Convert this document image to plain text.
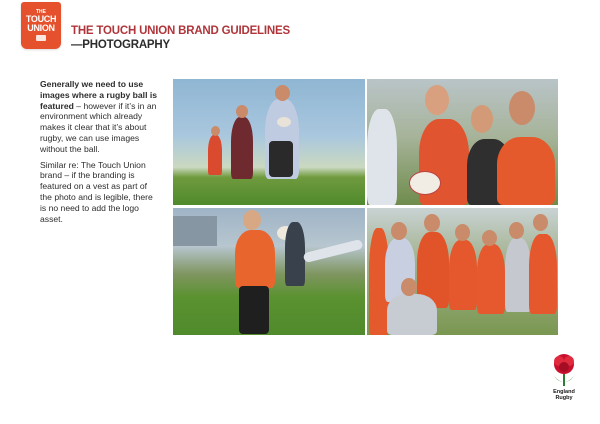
THE
TOUCH
UNION THE TOUCH UNION BRAND GUIDELINES
—PHOTOGRAPHY

Generally we need to use images where a rugby ball is featured – however if it’s in an environment which already makes it clear that it’s about rugby, we can use images without the ball.

Similar re: The Touch Union brand – if the branding is featured on a vest as part of the photo and is legible, there is no need to add the logo asset.

England
Rugby
